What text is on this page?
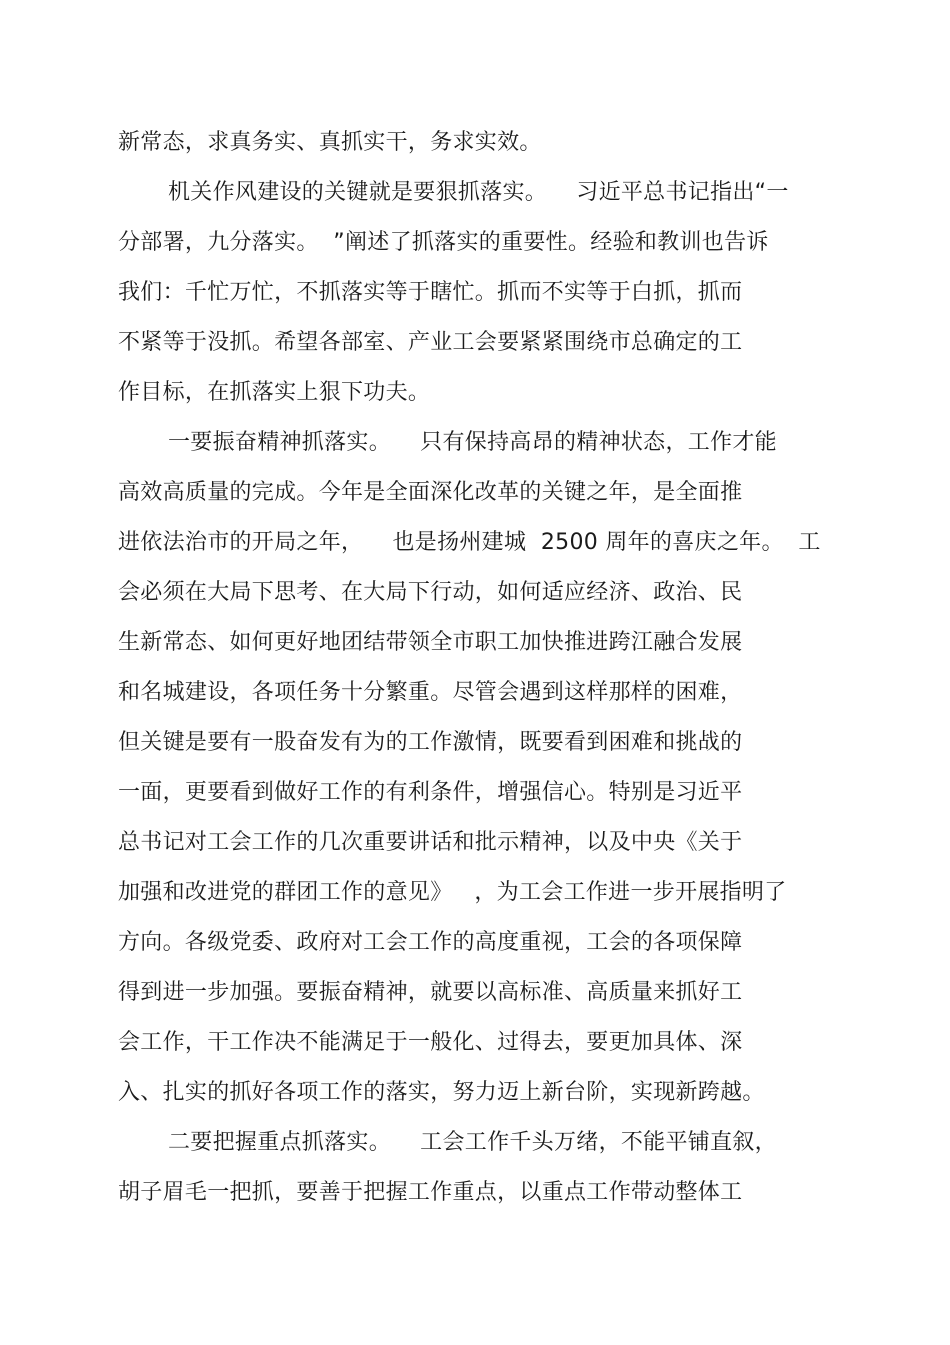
新常态，求真务实、真抓实干，务求实效。
机关作风建设的关键就是要狠抓落实。    习近平总书记指出“一
分部署，九分落实。  ”阐述了抓落实的重要性。经验和教训也告诉
我们：千忙万忙，不抓落实等于瞎忙。抓而不实等于白抓，抓而
不紧等于没抓。希望各部室、产业工会要紧紧围绕市总确定的工
作目标，在抓落实上狠下功夫。
一要振奋精神抓落实。    只有保持高昂的精神状态，工作才能
高效高质量的完成。今年是全面深化改革的关键之年，是全面推
进依法治市的开局之年，    也是扬州建城  2500 周年的喜庆之年。  工
会必须在大局下思考、在大局下行动，如何适应经济、政治、民
生新常态、如何更好地团结带领全市职工加快推进跨江融合发展
和名城建设，各项任务十分繁重。尽管会遇到这样那样的困难，
但关键是要有一股奋发有为的工作激情，既要看到困难和挑战的
一面，更要看到做好工作的有利条件，增强信心。特别是习近平
总书记对工会工作的几次重要讲话和批示精神，以及中央《关于
加强和改进党的群团工作的意见》   ，为工会工作进一步开展指明了
方向。各级党委、政府对工会工作的高度重视，工会的各项保障
得到进一步加强。要振奋精神，就要以高标准、高质量来抓好工
会工作，干工作决不能满足于一般化、过得去，要更加具体、深
入、扎实的抓好各项工作的落实，努力迈上新台阶，实现新跨越。
二要把握重点抓落实。    工会工作千头万绪，不能平铺直叙，
胡子眉毛一把抓，要善于把握工作重点，以重点工作带动整体工
